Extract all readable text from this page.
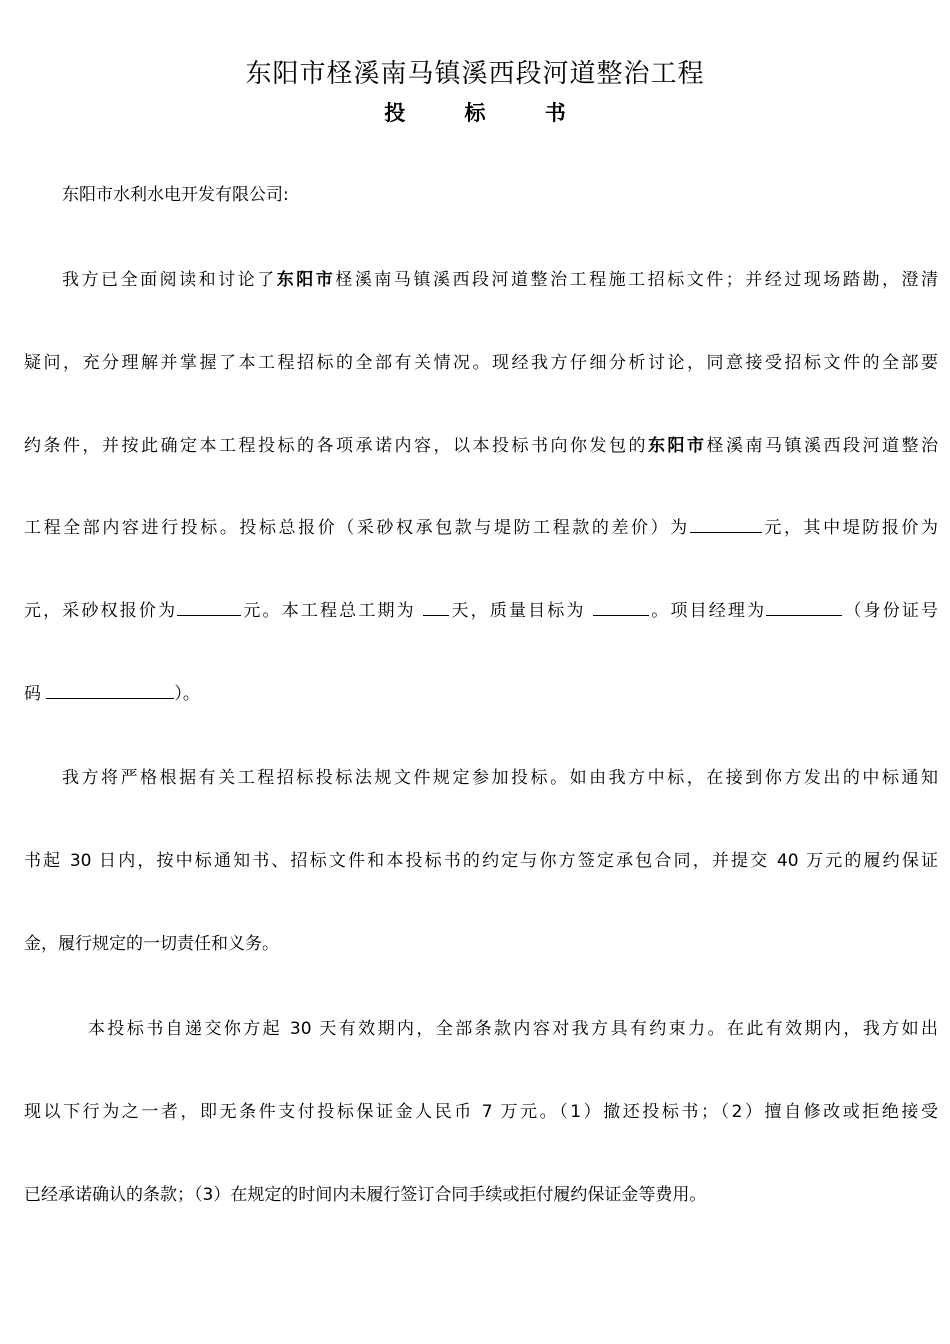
东阳市柽溪南马镇溪西段河道整治工程
投 标 书
东阳市水利水电开发有限公司:
我方已全面阅读和讨论了东阳市柽溪南马镇溪西段河道整治工程施工招标文件；并经过现场踏勘，澄清
疑问，充分理解并掌握了本工程招标的全部有关情况。现经我方仔细分析讨论，同意接受招标文件的全部要
约条件，并按此确定本工程投标的各项承诺内容，以本投标书向你发包的东阳市柽溪南马镇溪西段河道整治
工程全部内容进行投标。投标总报价（采砂权承包款与堤防工程款的差价）为	元，其中堤防报价为
元，采砂权报价为	元。本工程总工期为 天，质量目标为	。项目经理为	（身份证号
码	）。
我方将严格根据有关工程招标投标法规文件规定参加投标。如由我方中标，在接到你方发出的中标通知
书起 30 日内，按中标通知书、招标文件和本投标书的约定与你方签定承包合同，并提交 40 万元的履约保证
金，履行规定的一切责任和义务。
本投标书自递交你方起 30 天有效期内，全部条款内容对我方具有约束力。在此有效期内，我方如出
现以下行为之一者，即无条件支付投标保证金人民币 7 万元。（1）撤还投标书；（2）擅自修改或拒绝接受
已经承诺确认的条款；（3）在规定的时间内未履行签订合同手续或拒付履约保证金等费用。
